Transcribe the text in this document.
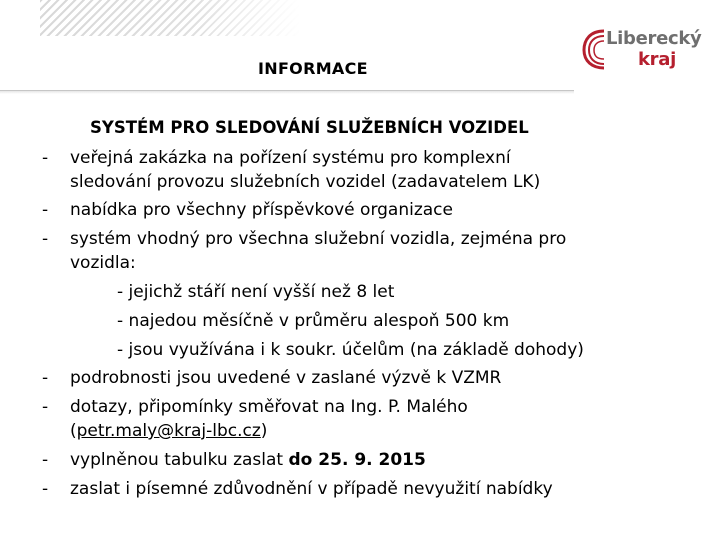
INFORMACE
Liberecký
kraj
SYSTÉM PRO SLEDOVÁNÍ SLUŽEBNÍCH VOZIDEL
- veřejná zakázka na pořízení systému pro komplexní
sledování provozu služebních vozidel (zadavatelem LK)
- nabídka pro všechny příspěvkové organizace
- systém vhodný pro všechna služební vozidla, zejména pro
vozidla:
- jejichž stáří není vyšší než 8 let
- najedou měsíčně v průměru alespoň 500 km
- jsou využívána i k soukr. účelům (na základě dohody)
- podrobnosti jsou uvedené v zaslané výzvě k VZMR
- dotazy, připomínky směřovat na Ing. P. Malého
(petr.maly@kraj-lbc.cz)
- vyplněnou tabulku zaslat do 25. 9. 2015
- zaslat i písemné zdůvodnění v případě nevyužití nabídky
